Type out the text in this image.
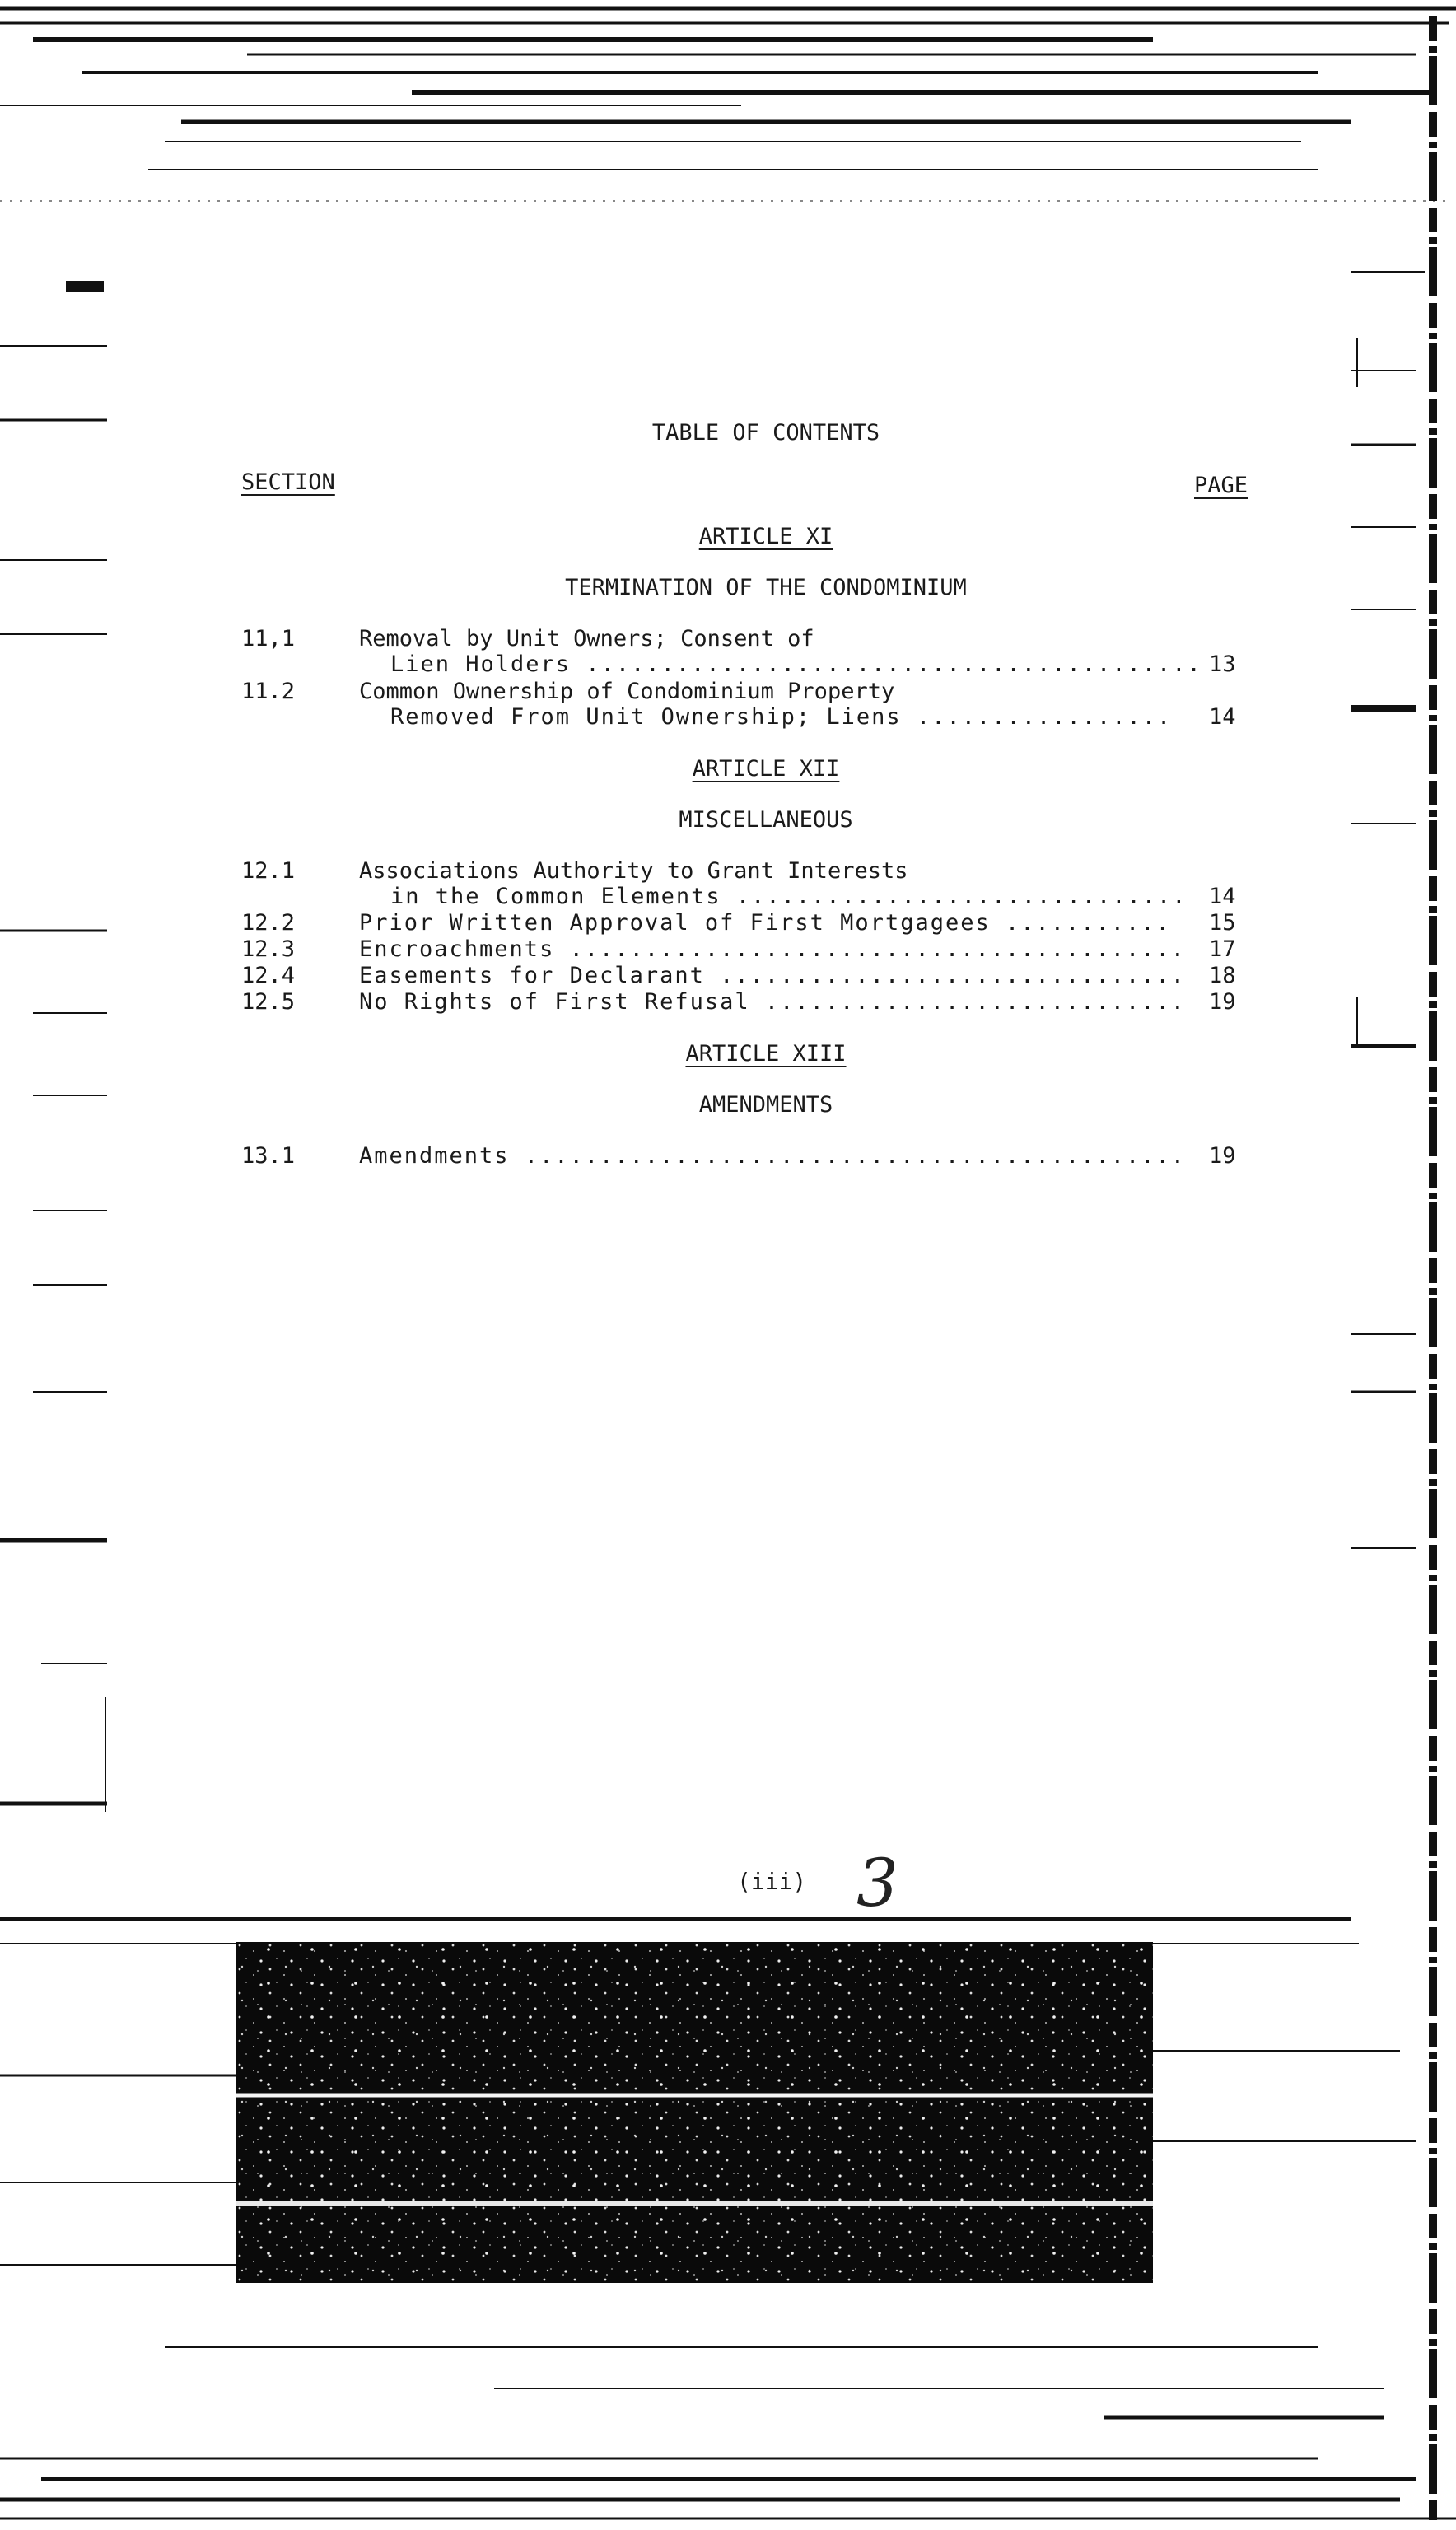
TABLE OF CONTENTS
SECTION	PAGE
ARTICLE XI
TERMINATION OF THE CONDOMINIUM
11,1	Removal by Unit Owners; Consent of
Lien Holders ......................................... 13
11.2	Common Ownership of Condominium Property
Removed From Unit Ownership; Liens ................. 14
ARTICLE XII
MISCELLANEOUS
12.1	Associations Authority to Grant Interests
in the Common Elements .............................. 14
12.2	Prior Written Approval of First Mortgagees ........... 15
12.3	Encroachments ......................................... 17
12.4	Easements for Declarant ............................... 18
12.5	No Rights of First Refusal ............................ 19
ARTICLE XIII
AMENDMENTS
13.1	Amendments ............................................ 19
(iii) 3
